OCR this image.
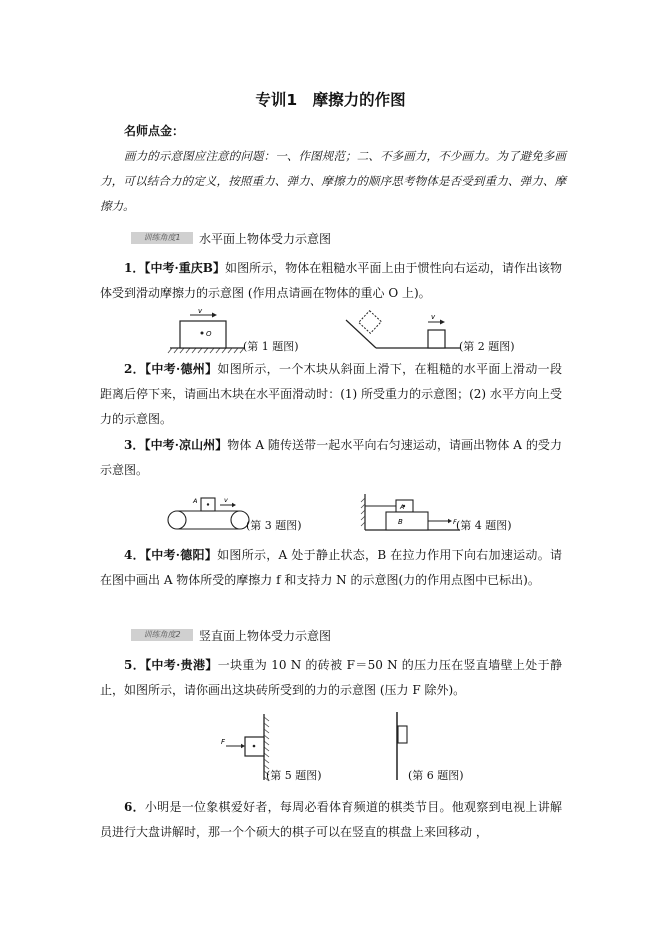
专训1　摩擦力的作图
名师点金：
画力的示意图应注意的问题：一、作图规范；二、不多画力，不少画力。为了避免多画力，可以结合力的定义，按照重力、弹力、摩擦力的顺序思考物体是否受到重力、弹力、摩擦力。
训练角度1	水平面上物体受力示意图
1．【中考·重庆B】如图所示，物体在粗糙水平面上由于惯性向右运动，请作出该物体受到滑动摩擦力的示意图 (作用点请画在物体的重心 O 上)。
O
v
(第 1 题图)
v
(第 2 题图)
2．【中考·德州】如图所示，一个木块从斜面上滑下，在粗糙的水平面上滑动一段距离后停下来，请画出木块在水平面滑动时：(1) 所受重力的示意图；(2) 水平方向上受力的示意图。
3．【中考·凉山州】物体 A 随传送带一起水平向右匀速运动，请画出物体 A 的受力示意图。
A	v
(第 3 题图)
A
B	F (第 4 题图)
4．【中考·德阳】如图所示，A 处于静止状态，B 在拉力作用下向右加速运动。请在图中画出 A 物体所受的摩擦力 f 和支持力 N 的示意图(力的作用点图中已标出)。
训练角度2	竖直面上物体受力示意图
5．【中考·贵港】一块重为 10 N 的砖被 F＝50 N 的压力压在竖直墙壁上处于静止，如图所示，请你画出这块砖所受到的力的示意图 (压力 F 除外)。
F
(第 5 题图)	(第 6 题图)
6．小明是一位象棋爱好者，每周必看体育频道的棋类节目。他观察到电视上讲解员进行大盘讲解时，那一个个硕大的棋子可以在竖直的棋盘上来回移动 ，
